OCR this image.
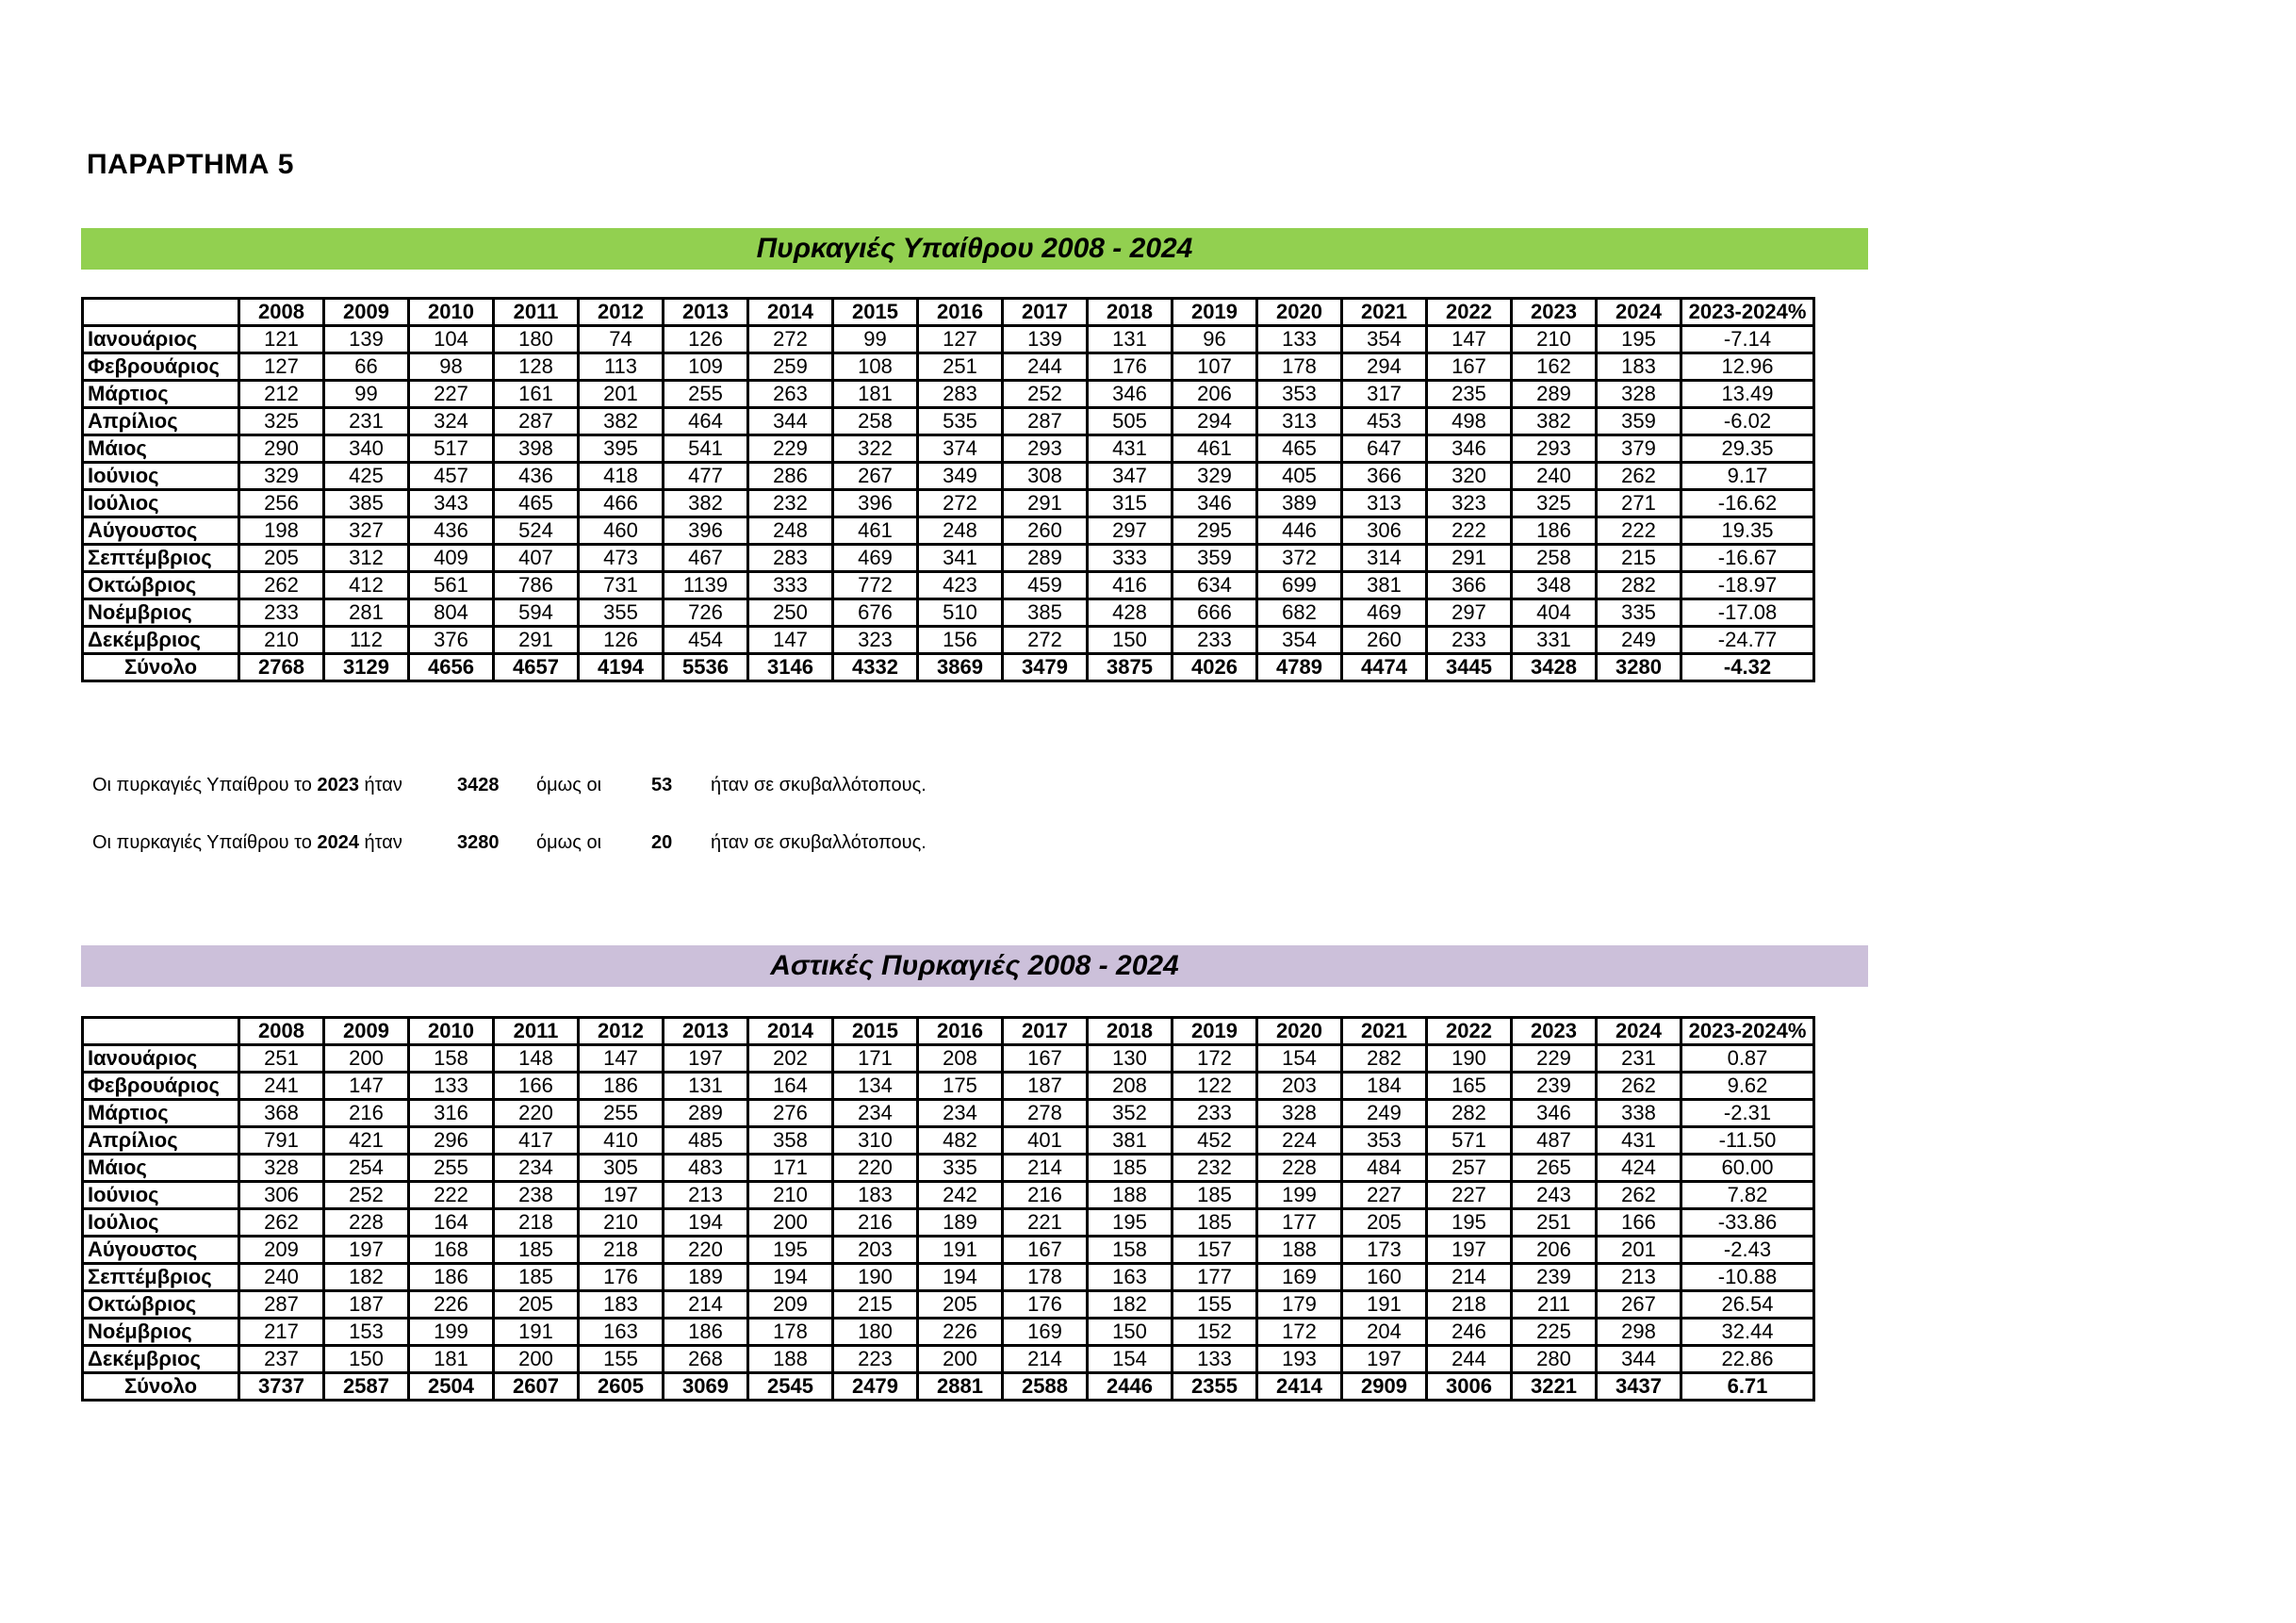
ΠΑΡΑΡΤΗΜΑ 5
Πυρκαγιές Υπαίθρου 2008 - 2024
	2008	2009	2010	2011	2012	2013	2014	2015	2016	2017	2018	2019	2020	2021	2022	2023	2024	2023-2024%
Ιανουάριος	121	139	104	180	74	126	272	99	127	139	131	96	133	354	147	210	195	-7.14
Φεβρουάριος	127	66	98	128	113	109	259	108	251	244	176	107	178	294	167	162	183	12.96
Μάρτιος	212	99	227	161	201	255	263	181	283	252	346	206	353	317	235	289	328	13.49
Απρίλιος	325	231	324	287	382	464	344	258	535	287	505	294	313	453	498	382	359	-6.02
Μάιος	290	340	517	398	395	541	229	322	374	293	431	461	465	647	346	293	379	29.35
Ιούνιος	329	425	457	436	418	477	286	267	349	308	347	329	405	366	320	240	262	9.17
Ιούλιος	256	385	343	465	466	382	232	396	272	291	315	346	389	313	323	325	271	-16.62
Αύγουστος	198	327	436	524	460	396	248	461	248	260	297	295	446	306	222	186	222	19.35
Σεπτέμβριος	205	312	409	407	473	467	283	469	341	289	333	359	372	314	291	258	215	-16.67
Οκτώβριος	262	412	561	786	731	1139	333	772	423	459	416	634	699	381	366	348	282	-18.97
Νοέμβριος	233	281	804	594	355	726	250	676	510	385	428	666	682	469	297	404	335	-17.08
Δεκέμβριος	210	112	376	291	126	454	147	323	156	272	150	233	354	260	233	331	249	-24.77
Σύνολο	2768	3129	4656	4657	4194	5536	3146	4332	3869	3479	3875	4026	4789	4474	3445	3428	3280	-4.32
Οι πυρκαγιές Υπαίθρου το 2023 ήταν	3428 όμως οι	53 ήταν σε σκυβαλλότοπους.
Οι πυρκαγιές Υπαίθρου το 2024 ήταν	3280 όμως οι	20 ήταν σε σκυβαλλότοπους.
Αστικές Πυρκαγιές 2008 - 2024
	2008	2009	2010	2011	2012	2013	2014	2015	2016	2017	2018	2019	2020	2021	2022	2023	2024	2023-2024%
Ιανουάριος	251	200	158	148	147	197	202	171	208	167	130	172	154	282	190	229	231	0.87
Φεβρουάριος	241	147	133	166	186	131	164	134	175	187	208	122	203	184	165	239	262	9.62
Μάρτιος	368	216	316	220	255	289	276	234	234	278	352	233	328	249	282	346	338	-2.31
Απρίλιος	791	421	296	417	410	485	358	310	482	401	381	452	224	353	571	487	431	-11.50
Μάιος	328	254	255	234	305	483	171	220	335	214	185	232	228	484	257	265	424	60.00
Ιούνιος	306	252	222	238	197	213	210	183	242	216	188	185	199	227	227	243	262	7.82
Ιούλιος	262	228	164	218	210	194	200	216	189	221	195	185	177	205	195	251	166	-33.86
Αύγουστος	209	197	168	185	218	220	195	203	191	167	158	157	188	173	197	206	201	-2.43
Σεπτέμβριος	240	182	186	185	176	189	194	190	194	178	163	177	169	160	214	239	213	-10.88
Οκτώβριος	287	187	226	205	183	214	209	215	205	176	182	155	179	191	218	211	267	26.54
Νοέμβριος	217	153	199	191	163	186	178	180	226	169	150	152	172	204	246	225	298	32.44
Δεκέμβριος	237	150	181	200	155	268	188	223	200	214	154	133	193	197	244	280	344	22.86
Σύνολο	3737	2587	2504	2607	2605	3069	2545	2479	2881	2588	2446	2355	2414	2909	3006	3221	3437	6.71
